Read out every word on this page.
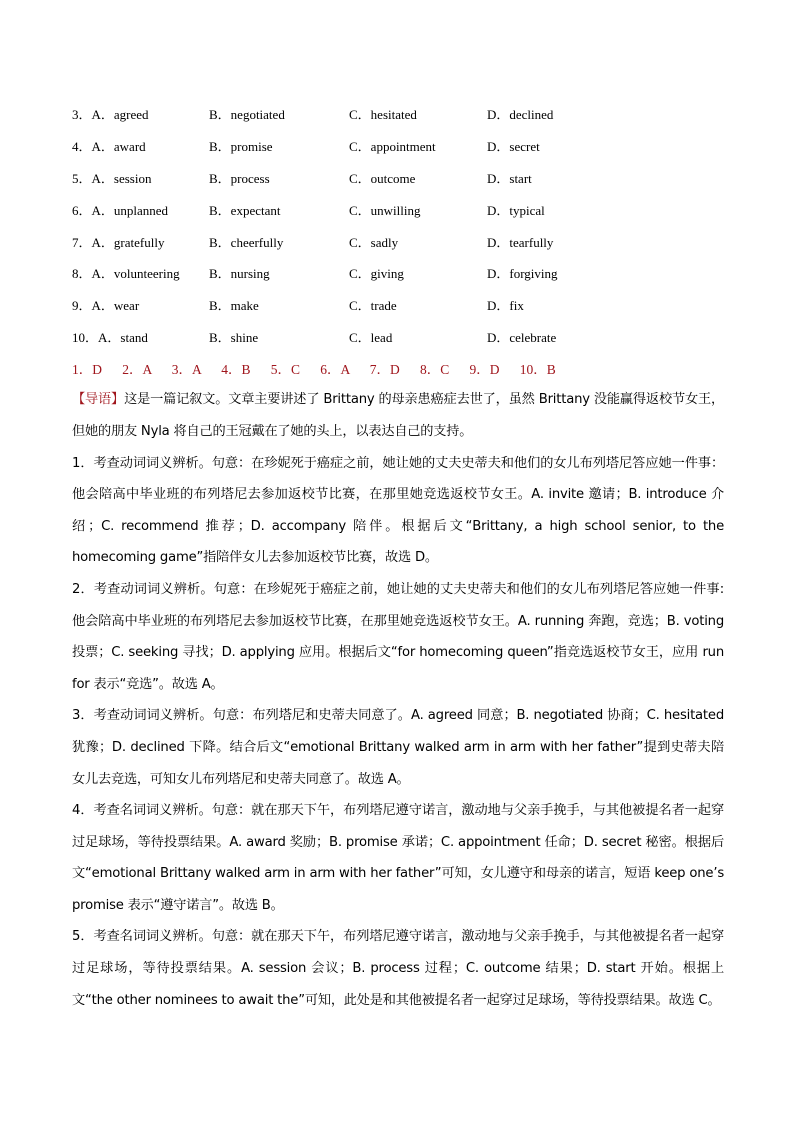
3．A．agreed	B．negotiated	C．hesitated	D．declined
4．A．award	B．promise	C．appointment	D．secret
5．A．session	B．process	C．outcome	D．start
6．A．unplanned	B．expectant	C．unwilling	D．typical
7．A．gratefully	B．cheerfully	C．sadly	D．tearfully
8．A．volunteering	B．nursing	C．giving	D．forgiving
9．A．wear	B．make	C．trade	D．fix
10．A．stand	B．shine	C．lead	D．celebrate
1．D      2．A      3．A      4．B      5．C      6．A      7．D      8．C      9．D      10．B

【导语】这是一篇记叙文。文章主要讲述了 Brittany 的母亲患癌症去世了，虽然 Brittany 没能赢得返校节女王，但她的朋友 Nyla 将自己的王冠戴在了她的头上，以表达自己的支持。

1．考查动词词义辨析。句意：在珍妮死于癌症之前，她让她的丈夫史蒂夫和他们的女儿布列塔尼答应她一件事：他会陪高中毕业班的布列塔尼去参加返校节比赛，在那里她竞选返校节女王。A. invite 邀请；B. introduce 介绍；C. recommend 推荐；D. accompany 陪伴。根据后文“Brittany, a high school senior, to the homecoming game”指陪伴女儿去参加返校节比赛，故选 D。

2．考查动词词义辨析。句意：在珍妮死于癌症之前，她让她的丈夫史蒂夫和他们的女儿布列塔尼答应她一件事: 他会陪高中毕业班的布列塔尼去参加返校节比赛，在那里她竞选返校节女王。A. running 奔跑，竞选；B. voting 投票；C. seeking 寻找；D. applying 应用。根据后文“for homecoming queen”指竞选返校节女王，应用 run for 表示“竞选”。故选 A。

3．考查动词词义辨析。句意：布列塔尼和史蒂夫同意了。A. agreed 同意；B. negotiated 协商；C. hesitated 犹豫；D. declined 下降。结合后文“emotional Brittany walked arm in arm with her father”提到史蒂夫陪女儿去竞选，可知女儿布列塔尼和史蒂夫同意了。故选 A。

4．考查名词词义辨析。句意：就在那天下午，布列塔尼遵守诺言，激动地与父亲手挽手，与其他被提名者一起穿过足球场，等待投票结果。A. award 奖励；B. promise 承诺；C. appointment 任命；D. secret 秘密。根据后文“emotional Brittany walked arm in arm with her father”可知，女儿遵守和母亲的诺言，短语 keep one’s promise 表示“遵守诺言”。故选 B。

5．考查名词词义辨析。句意：就在那天下午，布列塔尼遵守诺言，激动地与父亲手挽手，与其他被提名者一起穿过足球场，等待投票结果。A. session 会议；B. process 过程；C. outcome 结果；D. start 开始。根据上文“the other nominees to await the”可知，此处是和其他被提名者一起穿过足球场，等待投票结果。故选 C。
